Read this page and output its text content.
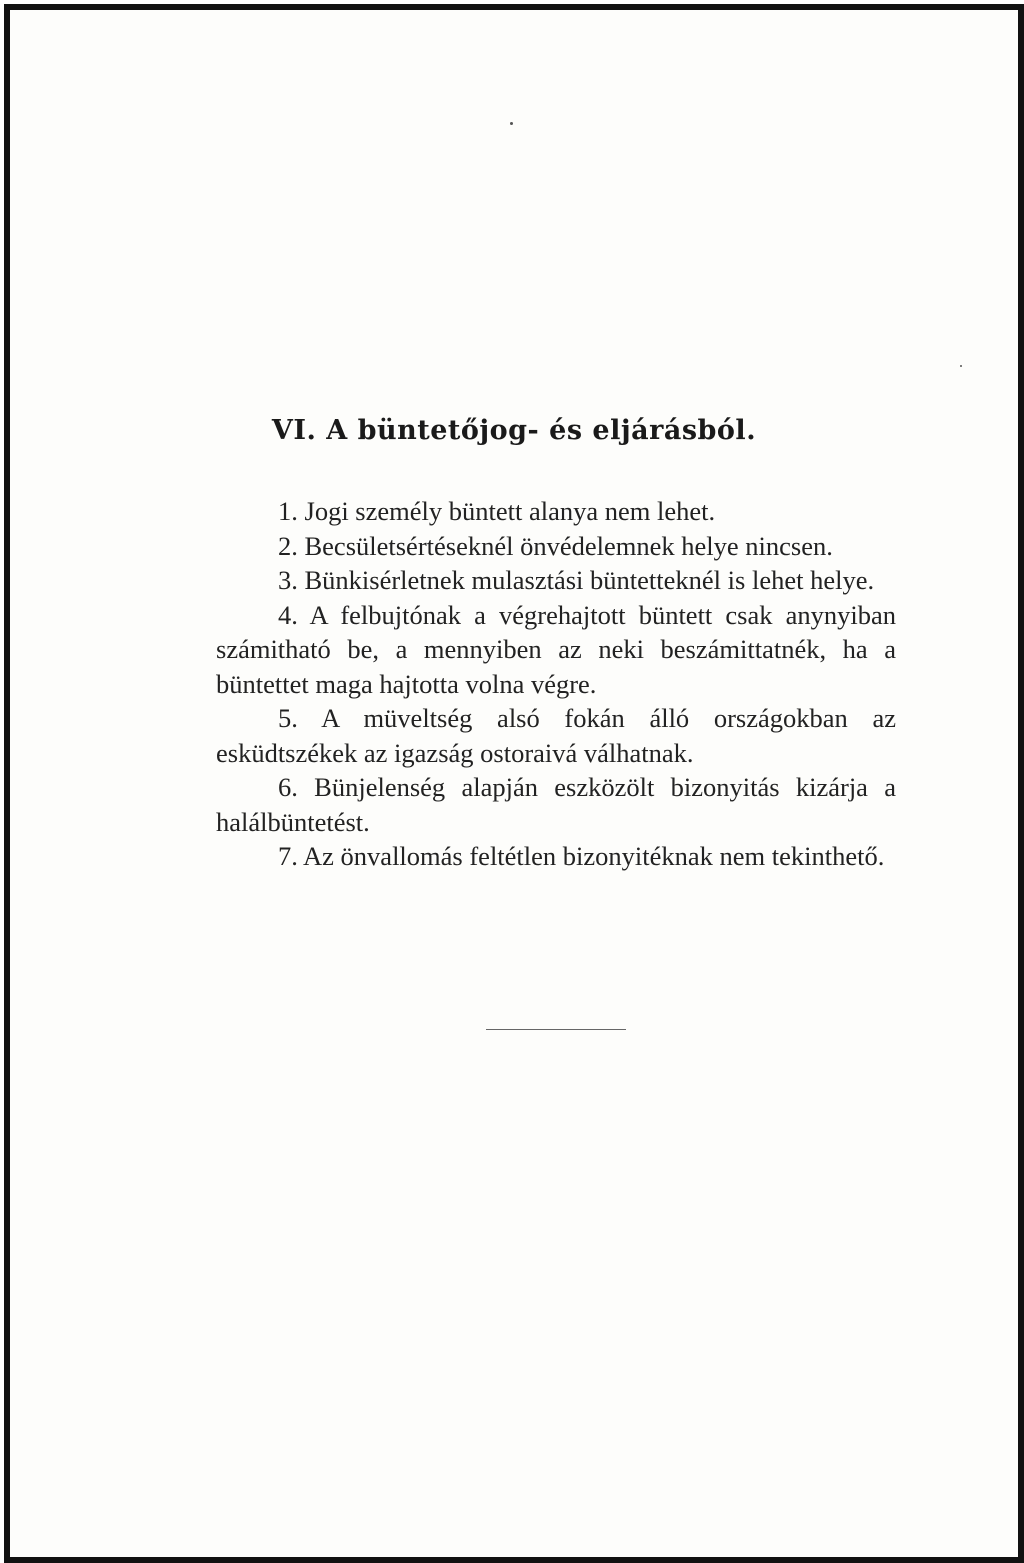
VI. A büntetőjog- és eljárásból.

1. Jogi személy büntett alanya nem lehet.

2. Becsületsértéseknél önvédelemnek helye nincsen.

3. Bünkisérletnek mulasztási büntetteknél is lehet helye.

4. A felbujtónak a végrehajtott büntett csak anynyiban számitható be, a mennyiben az neki beszámittatnék, ha a büntettet maga hajtotta volna végre.

5. A müveltség alsó fokán álló országokban az esküdtszékek az igazság ostoraivá válhatnak.

6. Bünjelenség alapján eszközölt bizonyitás kizárja a halálbüntetést.

7. Az önvallomás feltétlen bizonyitéknak nem tekinthető.
